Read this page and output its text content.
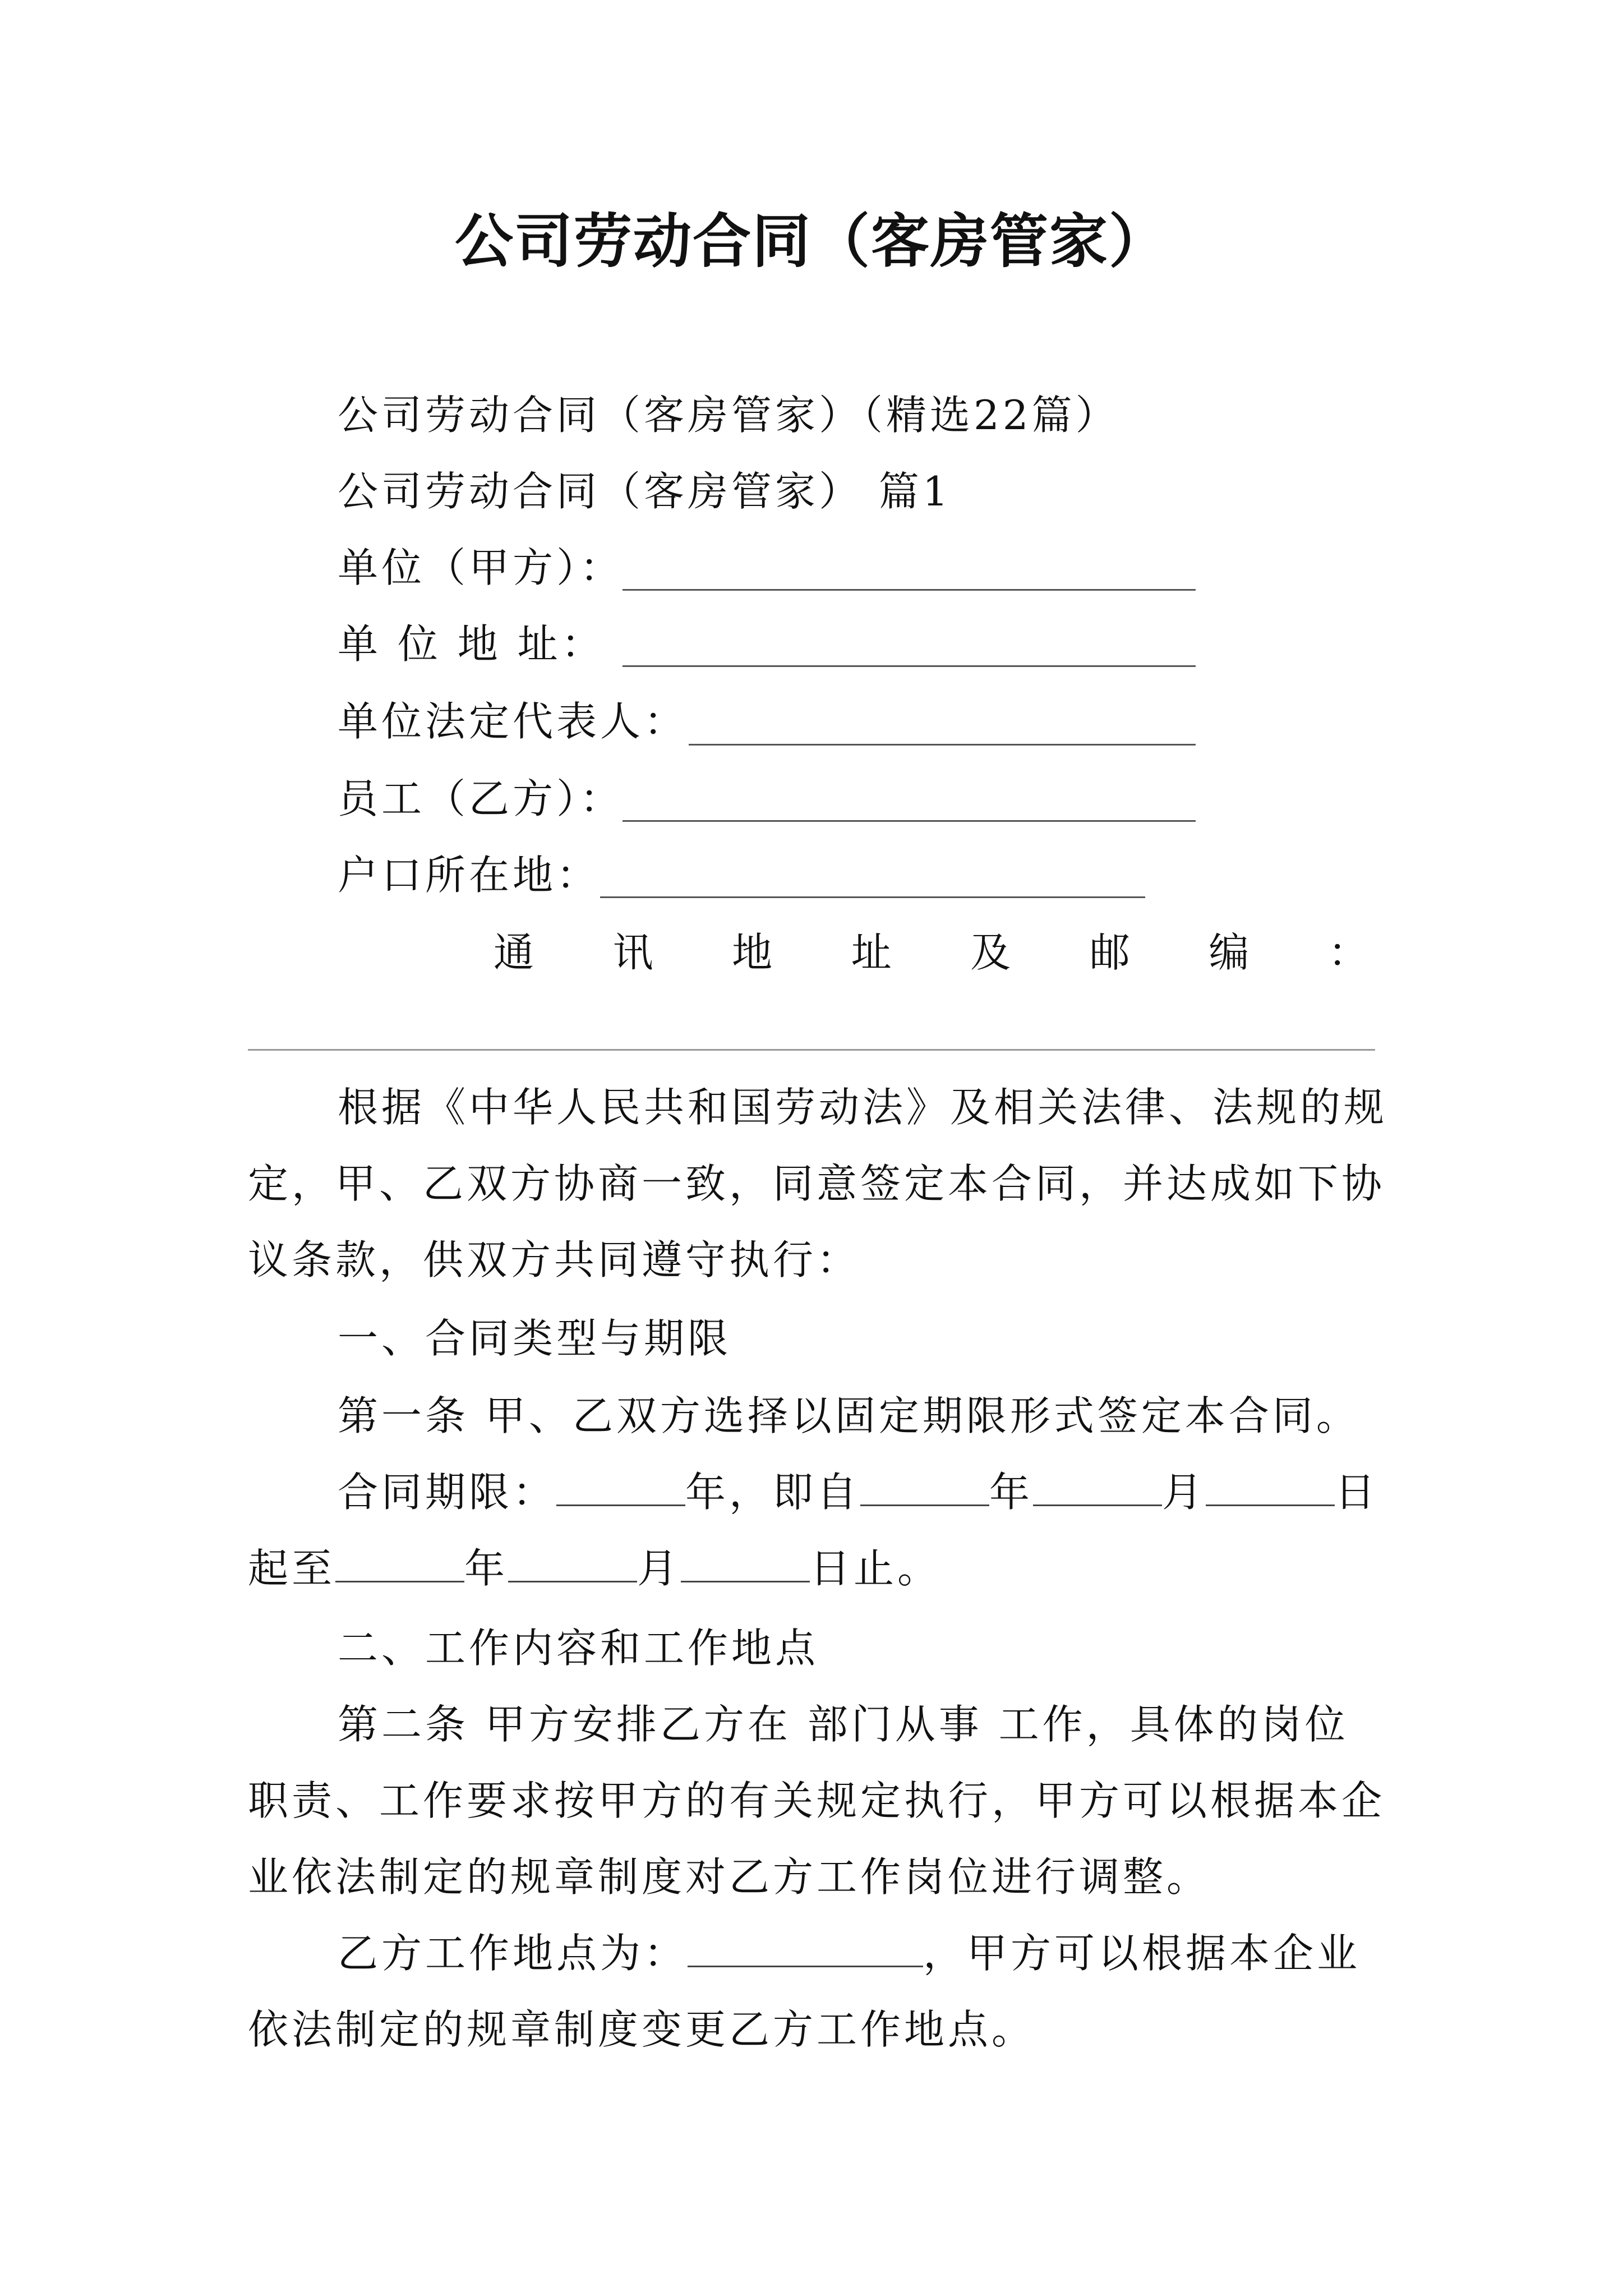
公司劳动合同（客房管家）
公司劳动合同（客房管家）（精选22篇）
公司劳动合同（客房管家） 篇1
单位（甲方）：
单 位 地 址：
单位法定代表人：
员工（乙方）：
户口所在地：
通 讯 地 址 及 邮 编 ：
根据《中华人民共和国劳动法》及相关法律、法规的规
定，甲、乙双方协商一致，同意签定本合同，并达成如下协
议条款，供双方共同遵守执行：
一、合同类型与期限
第一条 甲、乙双方选择以固定期限形式签定本合同。
合同期限：	年，即自	年	月	日
起至	年	月	日止。
二、工作内容和工作地点
第二条 甲方安排乙方在 部门从事 工作，具体的岗位
职责、工作要求按甲方的有关规定执行，甲方可以根据本企
业依法制定的规章制度对乙方工作岗位进行调整。
乙方工作地点为：	，甲方可以根据本企业
依法制定的规章制度变更乙方工作地点。
